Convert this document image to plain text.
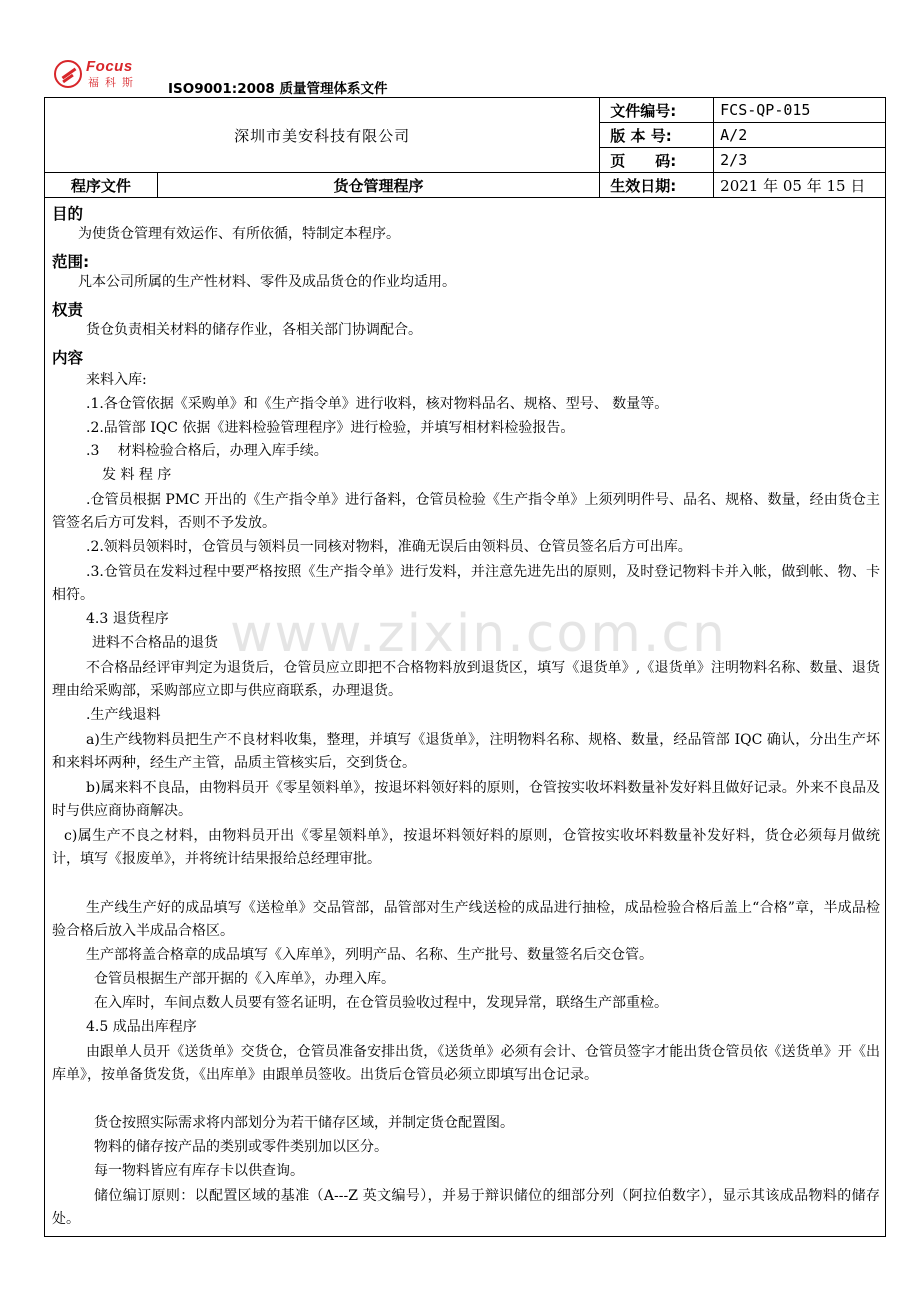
Focus
福科斯 ISO9001:2008 质量管理体系文件
深圳市美安科技有限公司		文件编号:	FCS-QP-015
		版 本 号:	A/2
		页　　码:	2/3
程序文件	货仓管理程序	生效日期:	2021 年 05 年 15 日
www.zixin.com.cn
目的
为使货仓管理有效运作、有所依循，特制定本程序。
范围:
凡本公司所属的生产性材料、零件及成品货仓的作业均适用。
权责
货仓负责相关材料的储存作业，各相关部门协调配合。
内容
来料入库:
.1.各仓管依据《采购单》和《生产指令单》进行收料，核对物料品名、规格、型号、 数量等。
.2.品管部 IQC 依据《进料检验管理程序》进行检验，并填写相材料检验报告。
.3　 材料检验合格后，办理入库手续。
发 料 程 序
.仓管员根据 PMC 开出的《生产指令单》进行备料，仓管员检验《生产指令单》上须列明件号、品名、规格、数量，经由货仓主管签名后方可发料，否则不予发放。
.2.领料员领料时，仓管员与领料员一同核对物料，准确无误后由领料员、仓管员签名后方可出库。
.3.仓管员在发料过程中要严格按照《生产指令单》进行发料，并注意先进先出的原则，及时登记物料卡并入帐，做到帐、物、卡相符。
4.3 退货程序
进料不合格品的退货
不合格品经评审判定为退货后，仓管员应立即把不合格物料放到退货区，填写《退货单》,《退货单》注明物料名称、数量、退货理由给采购部，采购部应立即与供应商联系，办理退货。
.生产线退料
a)生产线物料员把生产不良材料收集，整理，并填写《退货单》，注明物料名称、规格、数量，经品管部 IQC 确认，分出生产坏和来料坏两种，经生产主管，品质主管核实后，交到货仓。
b)属来料不良品，由物料员开《零星领料单》，按退坏料领好料的原则，仓管按实收坏料数量补发好料且做好记录。外来不良品及时与供应商协商解决。
c)属生产不良之材料，由物料员开出《零星领料单》，按退坏料领好料的原则，仓管按实收坏料数量补发好料，货仓必须每月做统计，填写《报废单》，并将统计结果报给总经理审批。
生产线生产好的成品填写《送检单》交品管部，品管部对生产线送检的成品进行抽检，成品检验合格后盖上“合格”章，半成品检验合格后放入半成品合格区。
生产部将盖合格章的成品填写《入库单》，列明产品、名称、生产批号、数量签名后交仓管。
仓管员根据生产部开据的《入库单》，办理入库。
在入库时，车间点数人员要有签名证明，在仓管员验收过程中，发现异常，联络生产部重检。
4.5 成品出库程序
由跟单人员开《送货单》交货仓，仓管员准备安排出货，《送货单》必须有会计、仓管员签字才能出货仓管员依《送货单》开《出库单》，按单备货发货，《出库单》由跟单员签收。出货后仓管员必须立即填写出仓记录。
货仓按照实际需求将内部划分为若干储存区域，并制定货仓配置图。
物料的储存按产品的类别或零件类别加以区分。
每一物料皆应有库存卡以供查询。
储位编订原则：以配置区域的基准（A---Z 英文编号），并易于辩识储位的细部分列（阿拉伯数字），显示其该成品物料的储存处。
